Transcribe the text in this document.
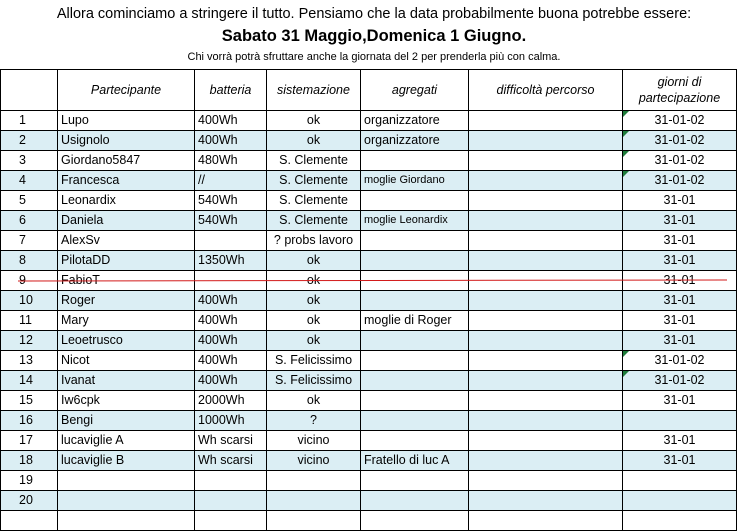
Allora cominciamo a stringere il tutto. Pensiamo che la data probabilmente buona potrebbe essere:
Sabato 31 Maggio,Domenica 1 Giugno.
Chi vorrà potrà sfruttare anche la giornata del 2 per prenderla più con calma.
	Partecipante	batteria	sistemazione	agregati	difficoltà percorso	giorni di partecipazione
1	Lupo	400Wh	ok	organizzatore		31-01-02
2	Usignolo	400Wh	ok	organizzatore		31-01-02
3	Giordano5847	480Wh	S. Clemente			31-01-02
4	Francesca	//	S. Clemente	moglie Giordano		31-01-02
5	Leonardix	540Wh	S. Clemente			31-01
6	Daniela	540Wh	S. Clemente	moglie Leonardix		31-01
7	AlexSv		? probs lavoro			31-01
8	PilotaDD	1350Wh	ok			31-01
9	FabioT		ok			31-01
10	Roger	400Wh	ok			31-01
11	Mary	400Wh	ok	moglie di Roger		31-01
12	Leoetrusco	400Wh	ok			31-01
13	Nicot	400Wh	S. Felicissimo			31-01-02
14	Ivanat	400Wh	S. Felicissimo			31-01-02
15	Iw6cpk	2000Wh	ok			31-01
16	Bengi	1000Wh	?			
17	lucaviglie A	Wh scarsi	vicino			31-01
18	lucaviglie B	Wh scarsi	vicino	Fratello di luc A		31-01
19						
20						
